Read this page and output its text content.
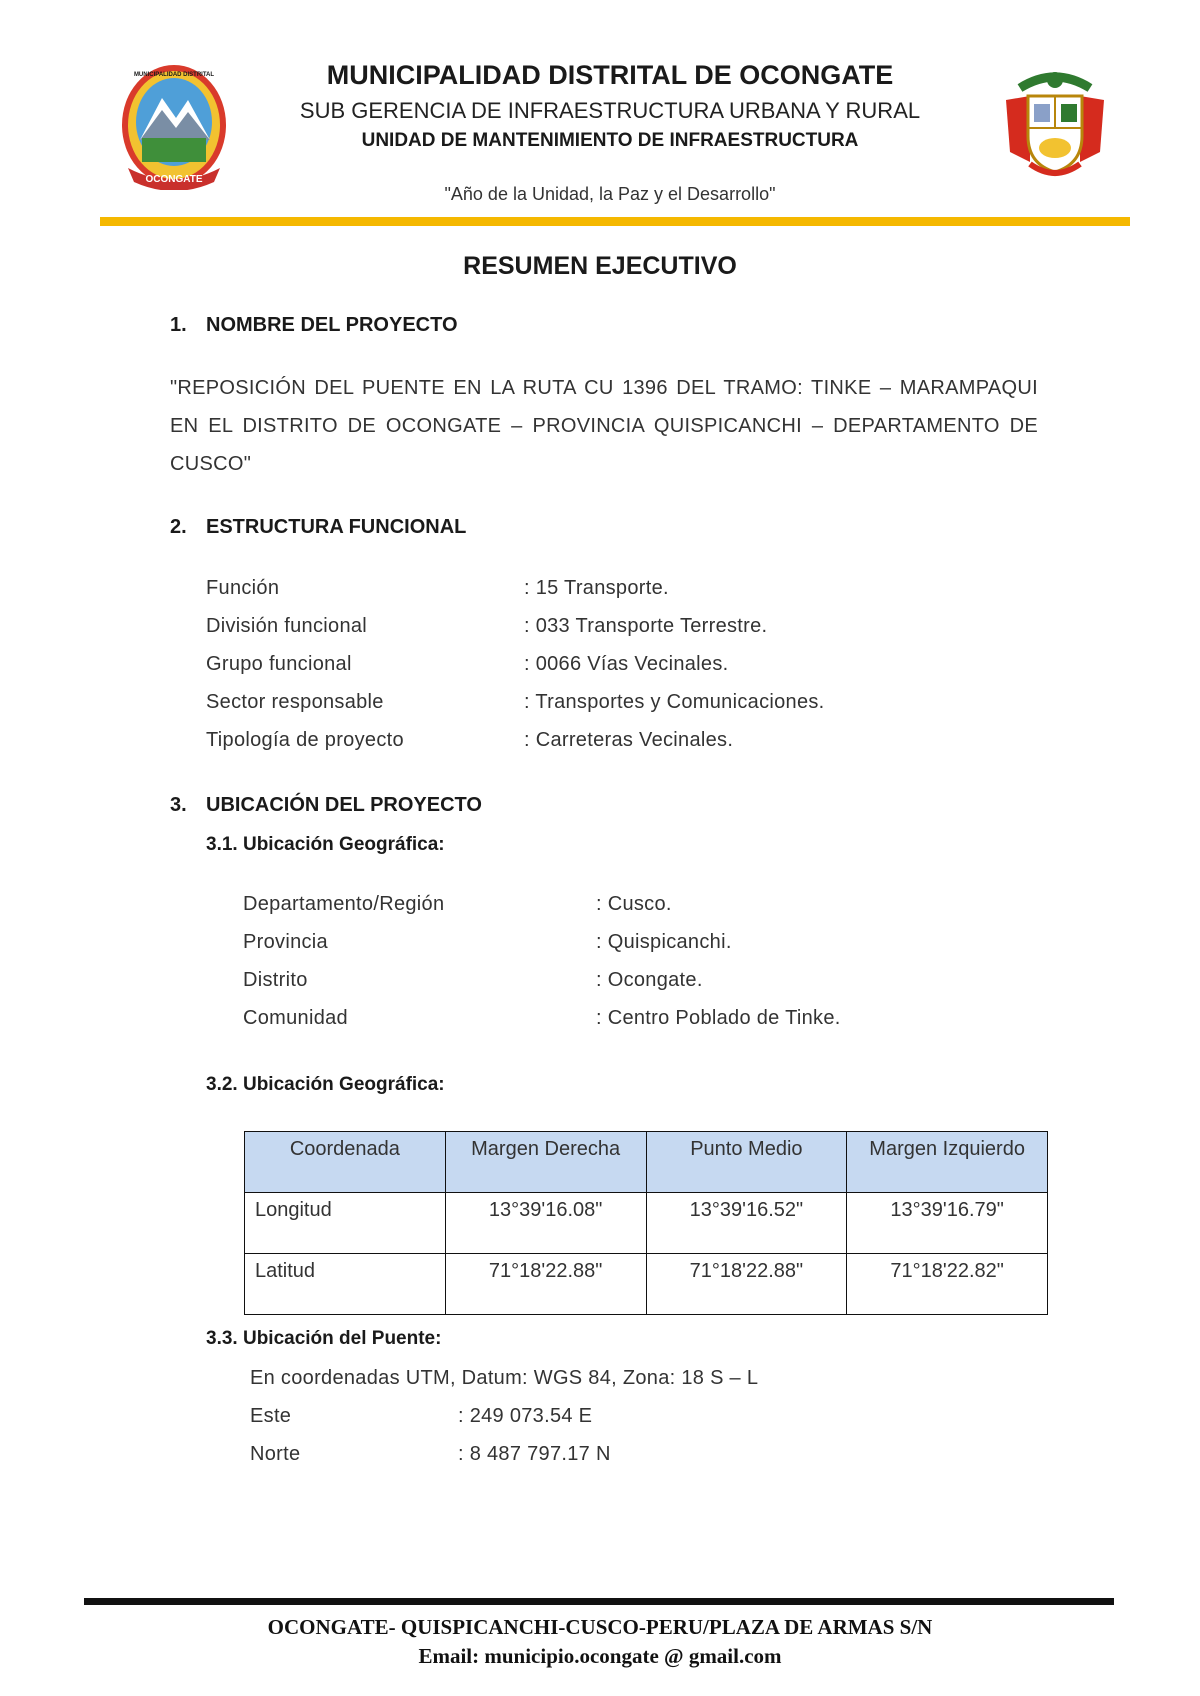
OCONGATE
MUNICIPALIDAD DISTRITAL	MUNICIPALIDAD DISTRITAL DE OCONGATE
SUB GERENCIA DE INFRAESTRUCTURA URBANA Y RURAL
UNIDAD DE MANTENIMIENTO DE INFRAESTRUCTURA
"Año de la Unidad, la Paz y el Desarrollo"
RESUMEN EJECUTIVO
1. NOMBRE DEL PROYECTO
"REPOSICIÓN DEL PUENTE EN LA RUTA CU 1396 DEL TRAMO: TINKE – MARAMPAQUI EN EL DISTRITO DE OCONGATE – PROVINCIA QUISPICANCHI – DEPARTAMENTO DE CUSCO"
2. ESTRUCTURA FUNCIONAL
Función	: 15 Transporte.
División funcional	: 033 Transporte Terrestre.
Grupo funcional	: 0066 Vías Vecinales.
Sector responsable	: Transportes y Comunicaciones.
Tipología de proyecto	: Carreteras Vecinales.
3. UBICACIÓN DEL PROYECTO
3.1. Ubicación Geográfica:
Departamento/Región	: Cusco.
Provincia	: Quispicanchi.
Distrito	: Ocongate.
Comunidad	: Centro Poblado de Tinke.
3.2. Ubicación Geográfica:
Coordenada	Margen Derecha	Punto Medio	Margen Izquierdo
Longitud	13°39'16.08"	13°39'16.52"	13°39'16.79"
Latitud	71°18'22.88"	71°18'22.88"	71°18'22.82"
3.3. Ubicación del Puente:
En coordenadas UTM, Datum: WGS 84, Zona: 18 S – L
Este	: 249 073.54 E
Norte	: 8 487 797.17 N
OCONGATE- QUISPICANCHI-CUSCO-PERU/PLAZA DE ARMAS S/N
Email: municipio.ocongate @ gmail.com
